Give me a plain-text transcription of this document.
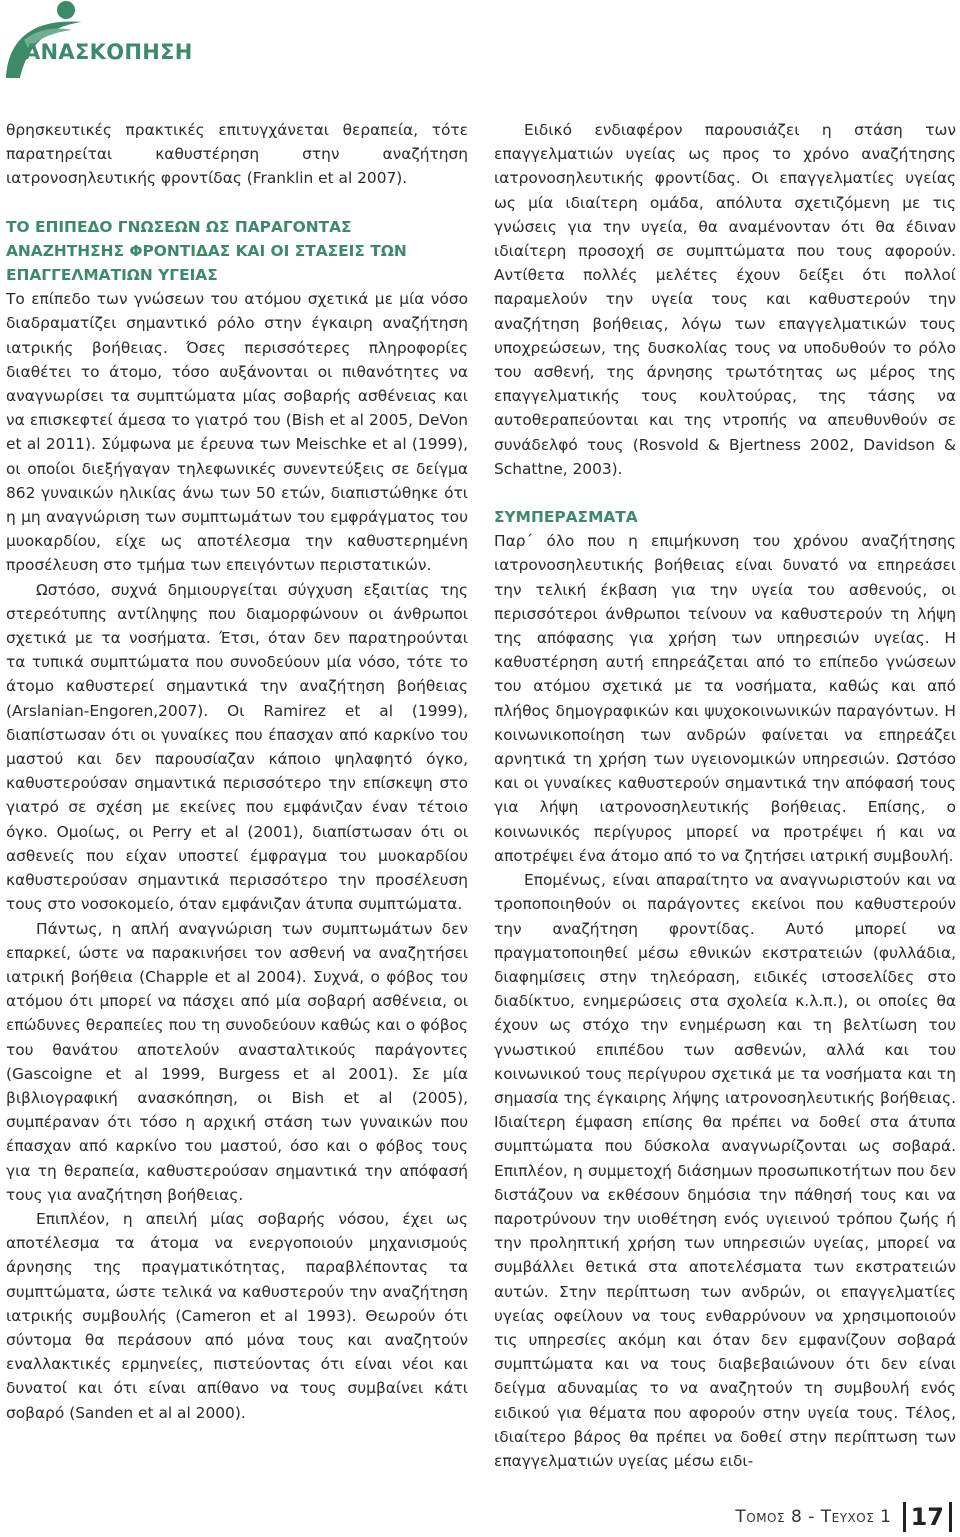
ΑΝΑΣΚΟΠΗΣΗ

θρησκευτικές πρακτικές επιτυγχάνεται θεραπεία, τότε παρατηρείται καθυστέρηση στην αναζήτηση ιατρονοσηλευτικής φροντίδας (Franklin et al 2007).

ΤΟ ΕΠΙΠΕΔΟ ΓΝΩΣΕΩΝ ΩΣ ΠΑΡΑΓΟΝΤΑΣ ΑΝΑΖΗΤΗΣΗΣ ΦΡΟΝΤΙΔΑΣ ΚΑΙ ΟΙ ΣΤΑΣΕΙΣ ΤΩΝ ΕΠΑΓΓΕΛΜΑΤΙΩΝ ΥΓΕΙΑΣ

Το επίπεδο των γνώσεων του ατόμου σχετικά με μία νόσο διαδραματίζει σημαντικό ρόλο στην έγκαιρη αναζήτηση ιατρικής βοήθειας. Όσες περισσότερες πληροφορίες διαθέτει το άτομο, τόσο αυξάνονται οι πιθανότητες να αναγνωρίσει τα συμπτώματα μίας σοβαρής ασθένειας και να επισκεφτεί άμεσα το γιατρό του (Bish et al 2005, DeVon et al 2011). Σύμφωνα με έρευνα των Meischke et al (1999), οι οποίοι διεξήγαγαν τηλεφωνικές συνεντεύξεις σε δείγμα 862 γυναικών ηλικίας άνω των 50 ετών, διαπιστώθηκε ότι η μη αναγνώριση των συμπτωμάτων του εμφράγματος του μυοκαρδίου, είχε ως αποτέλεσμα την καθυστερημένη προσέλευση στο τμήμα των επειγόντων περιστατικών.

Ωστόσο, συχνά δημιουργείται σύγχυση εξαιτίας της στερεότυπης αντίληψης που διαμορφώνουν οι άνθρωποι σχετικά με τα νοσήματα. Έτσι, όταν δεν παρατηρούνται τα τυπικά συμπτώματα που συνοδεύουν μία νόσο, τότε το άτομο καθυστερεί σημαντικά την αναζήτηση βοήθειας (Arslanian-Engoren,2007). Οι Ramirez et al (1999), διαπίστωσαν ότι οι γυναίκες που έπασχαν από καρκίνο του μαστού και δεν παρουσίαζαν κάποιο ψηλαφητό όγκο, καθυστερούσαν σημαντικά περισσότερο την επίσκεψη στο γιατρό σε σχέση με εκείνες που εμφάνιζαν έναν τέτοιο όγκο. Ομοίως, οι Perry et al (2001), διαπίστωσαν ότι οι ασθενείς που είχαν υποστεί έμφραγμα του μυοκαρδίου καθυστερούσαν σημαντικά περισσότερο την προσέλευση τους στο νοσοκομείο, όταν εμφάνιζαν άτυπα συμπτώματα.

Πάντως, η απλή αναγνώριση των συμπτωμάτων δεν επαρκεί, ώστε να παρακινήσει τον ασθενή να αναζητήσει ιατρική βοήθεια (Chapple et al 2004). Συχνά, ο φόβος του ατόμου ότι μπορεί να πάσχει από μία σοβαρή ασθένεια, οι επώδυνες θεραπείες που τη συνοδεύουν καθώς και ο φόβος του θανάτου αποτελούν ανασταλτικούς παράγοντες (Gascoigne et al 1999, Burgess et al 2001). Σε μία βιβλιογραφική ανασκόπηση, οι Bish et al (2005), συμπέραναν ότι τόσο η αρχική στάση των γυναικών που έπασχαν από καρκίνο του μαστού, όσο και ο φόβος τους για τη θεραπεία, καθυστερούσαν σημαντικά την απόφασή τους για αναζήτηση βοήθειας.

Επιπλέον, η απειλή μίας σοβαρής νόσου, έχει ως αποτέλεσμα τα άτομα να ενεργοποιούν μηχανισμούς άρνησης της πραγματικότητας, παραβλέποντας τα συμπτώματα, ώστε τελικά να καθυστερούν την αναζήτηση ιατρικής συμβουλής (Cameron et al 1993). Θεωρούν ότι σύντομα θα περάσουν από μόνα τους και αναζητούν εναλλακτικές ερμηνείες, πιστεύοντας ότι είναι νέοι και δυνατοί και ότι είναι απίθανο να τους συμβαίνει κάτι σοβαρό (Sanden et al al 2000).

Ειδικό ενδιαφέρον παρουσιάζει η στάση των επαγγελματιών υγείας ως προς το χρόνο αναζήτησης ιατρονοσηλευτικής φροντίδας. Οι επαγγελματίες υγείας ως μία ιδιαίτερη ομάδα, απόλυτα σχετιζόμενη με τις γνώσεις για την υγεία, θα αναμένονταν ότι θα έδιναν ιδιαίτερη προσοχή σε συμπτώματα που τους αφορούν. Αντίθετα πολλές μελέτες έχουν δείξει ότι πολλοί παραμελούν την υγεία τους και καθυστερούν την αναζήτηση βοήθειας, λόγω των επαγγελματικών τους υποχρεώσεων, της δυσκολίας τους να υποδυθούν το ρόλο του ασθενή, της άρνησης τρωτότητας ως μέρος της επαγγελματικής τους κουλτούρας, της τάσης να αυτοθεραπεύονται και της ντροπής να απευθυνθούν σε συνάδελφό τους (Rosvold & Bjertness 2002, Davidson & Schattne, 2003).

ΣΥΜΠΕΡΑΣΜΑΤΑ

Παρ΄ όλο που η επιμήκυνση του χρόνου αναζήτησης ιατρονοσηλευτικής βοήθειας είναι δυνατό να επηρεάσει την τελική έκβαση για την υγεία του ασθενούς, οι περισσότεροι άνθρωποι τείνουν να καθυστερούν τη λήψη της απόφασης για χρήση των υπηρεσιών υγείας. Η καθυστέρηση αυτή επηρεάζεται από το επίπεδο γνώσεων του ατόμου σχετικά με τα νοσήματα, καθώς και από πλήθος δημογραφικών και ψυχοκοινωνικών παραγόντων. Η κοινωνικοποίηση των ανδρών φαίνεται να επηρεάζει αρνητικά τη χρήση των υγειονομικών υπηρεσιών. Ωστόσο και οι γυναίκες καθυστερούν σημαντικά την απόφασή τους για λήψη ιατρονοσηλευτικής βοήθειας. Επίσης, ο κοινωνικός περίγυρος μπορεί να προτρέψει ή και να αποτρέψει ένα άτομο από το να ζητήσει ιατρική συμβουλή.

Επομένως, είναι απαραίτητο να αναγνωριστούν και να τροποποιηθούν οι παράγοντες εκείνοι που καθυστερούν την αναζήτηση φροντίδας. Αυτό μπορεί να πραγματοποιηθεί μέσω εθνικών εκστρατειών (φυλλάδια, διαφημίσεις στην τηλεόραση, ειδικές ιστοσελίδες στο διαδίκτυο, ενημερώσεις στα σχολεία κ.λ.π.), οι οποίες θα έχουν ως στόχο την ενημέρωση και τη βελτίωση του γνωστικού επιπέδου των ασθενών, αλλά και του κοινωνικού τους περίγυρου σχετικά με τα νοσήματα και τη σημασία της έγκαιρης λήψης ιατρονοσηλευτικής βοήθειας. Ιδιαίτερη έμφαση επίσης θα πρέπει να δοθεί στα άτυπα συμπτώματα που δύσκολα αναγνωρίζονται ως σοβαρά. Επιπλέον, η συμμετοχή διάσημων προσωπικοτήτων που δεν διστάζουν να εκθέσουν δημόσια την πάθησή τους και να παροτρύνουν την υιοθέτηση ενός υγιεινού τρόπου ζωής ή την προληπτική χρήση των υπηρεσιών υγείας, μπορεί να συμβάλλει θετικά στα αποτελέσματα των εκστρατειών αυτών. Στην περίπτωση των ανδρών, οι επαγγελματίες υγείας οφείλουν να τους ενθαρρύνουν να χρησιμοποιούν τις υπηρεσίες ακόμη και όταν δεν εμφανίζουν σοβαρά συμπτώματα και να τους διαβεβαιώνουν ότι δεν είναι δείγμα αδυναμίας το να αναζητούν τη συμβουλή ενός ειδικού για θέματα που αφορούν στην υγεία τους. Τέλος, ιδιαίτερο βάρος θα πρέπει να δοθεί στην περίπτωση των επαγγελματιών υγείας μέσω ειδι-

Τομος 8 - Τευχος 1 17
